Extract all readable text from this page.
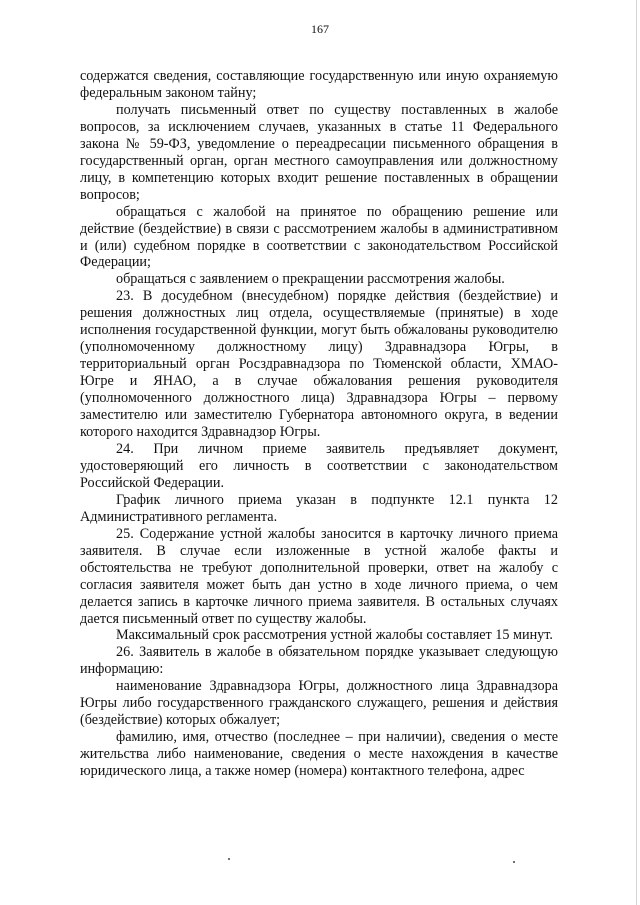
167

содержатся сведения, составляющие государственную или иную охраняемую федеральным законом тайну;

получать письменный ответ по существу поставленных в жалобе вопросов, за исключением случаев, указанных в статье 11 Федерального закона № 59-ФЗ, уведомление о переадресации письменного обращения в государственный орган, орган местного самоуправления или должностному лицу, в компетенцию которых входит решение поставленных в обращении вопросов;

обращаться с жалобой на принятое по обращению решение или действие (бездействие) в связи с рассмотрением жалобы в административном и (или) судебном порядке в соответствии с законодательством Российской Федерации;

обращаться с заявлением о прекращении рассмотрения жалобы.

23. В досудебном (внесудебном) порядке действия (бездействие) и решения должностных лиц отдела, осуществляемые (принятые) в ходе исполнения государственной функции, могут быть обжалованы руководителю (уполномоченному должностному лицу) Здравнадзора Югры, в территориальный орган Росздравнадзора по Тюменской области, ХМАО-Югре и ЯНАО, а в случае обжалования решения руководителя (уполномоченного должностного лица) Здравнадзора Югры – первому заместителю или заместителю Губернатора автономного округа, в ведении которого находится Здравнадзор Югры.

24. При личном приеме заявитель предъявляет документ, удостоверяющий его личность в соответствии с законодательством Российской Федерации.

График личного приема указан в подпункте 12.1 пункта 12 Административного регламента.

25. Содержание устной жалобы заносится в карточку личного приема заявителя. В случае если изложенные в устной жалобе факты и обстоятельства не требуют дополнительной проверки, ответ на жалобу с согласия заявителя может быть дан устно в ходе личного приема, о чем делается запись в карточке личного приема заявителя. В остальных случаях дается письменный ответ по существу жалобы.

Максимальный срок рассмотрения устной жалобы составляет 15 минут.

26. Заявитель в жалобе в обязательном порядке указывает следующую информацию:

наименование Здравнадзора Югры, должностного лица Здравнадзора Югры либо государственного гражданского служащего, решения и действия (бездействие) которых обжалует;

фамилию, имя, отчество (последнее – при наличии), сведения о месте жительства либо наименование, сведения о месте нахождения в качестве юридического лица, а также номер (номера) контактного телефона, адрес
